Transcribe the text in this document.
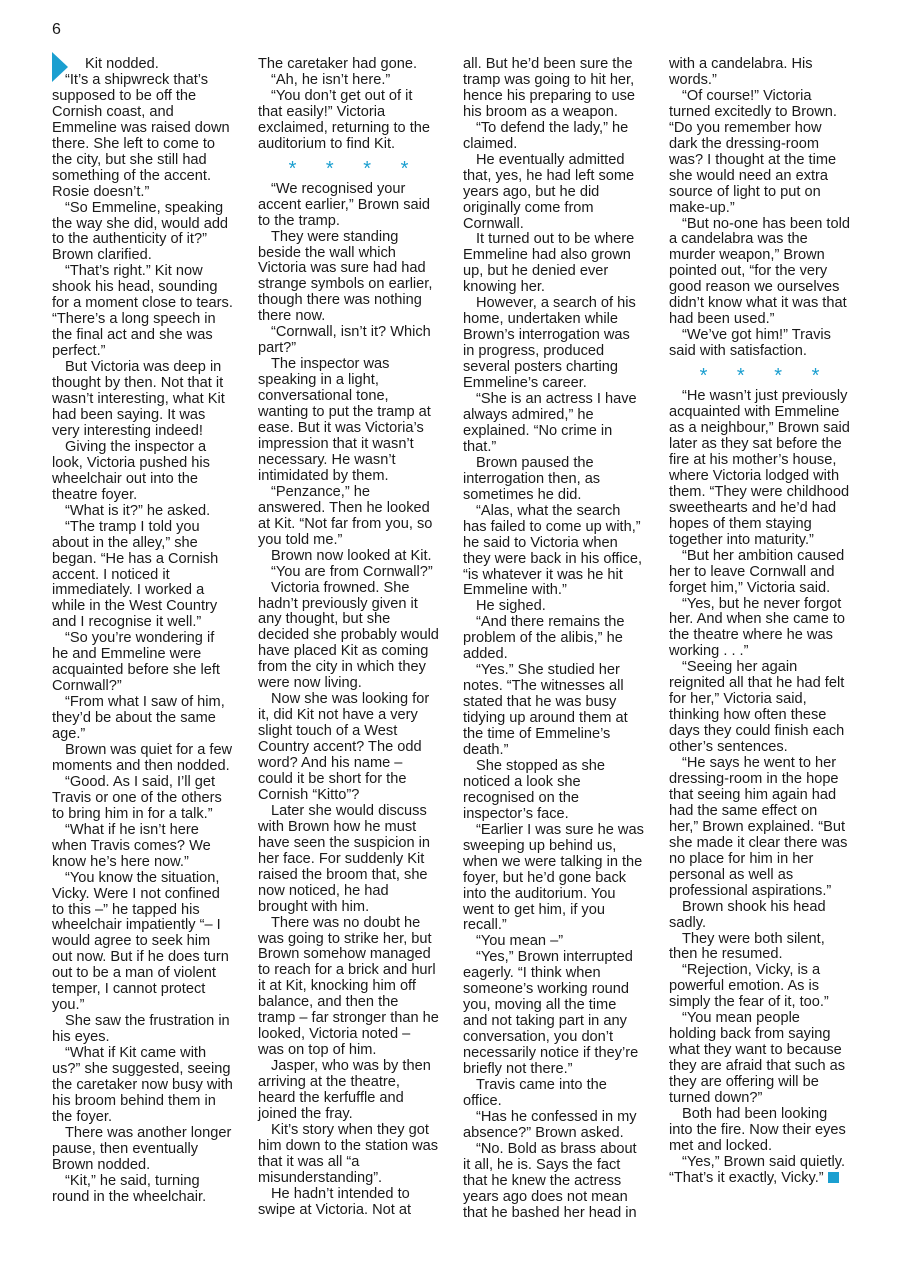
6

Kit nodded.

“It’s a shipwreck that’s supposed to be off the Cornish coast, and Emmeline was raised down there. She left to come to the city, but she still had something of the accent. Rosie doesn’t.”

“So Emmeline, speaking the way she did, would add to the authenticity of it?” Brown clarified.

“That’s right.” Kit now shook his head, sounding for a moment close to tears. “There’s a long speech in the final act and she was perfect.”

But Victoria was deep in thought by then. Not that it wasn’t interesting, what Kit had been saying. It was very interesting indeed!

Giving the inspector a look, Victoria pushed his wheelchair out into the theatre foyer.

“What is it?” he asked.

“The tramp I told you about in the alley,” she began. “He has a Cornish accent. I noticed it immediately. I worked a while in the West Country and I recognise it well.”

“So you’re wondering if he and Emmeline were acquainted before she left Cornwall?”

“From what I saw of him, they’d be about the same age.”

Brown was quiet for a few moments and then nodded.

“Good. As I said, I’ll get Travis or one of the others to bring him in for a talk.”

“What if he isn’t here when Travis comes? We know he’s here now.”

“You know the situation, Vicky. Were I not confined to this –” he tapped his wheelchair impatiently “– I would agree to seek him out now. But if he does turn out to be a man of violent temper, I cannot protect you.”

She saw the frustration in his eyes.

“What if Kit came with us?” she suggested, seeing the caretaker now busy with his broom behind them in the foyer.

There was another longer pause, then eventually Brown nodded.

“Kit,” he said, turning round in the wheelchair.

The caretaker had gone.

“Ah, he isn’t here.”

“You don’t get out of it that easily!” Victoria exclaimed, returning to the auditorium to find Kit.

* * * *

“We recognised your accent earlier,” Brown said to the tramp.

They were standing beside the wall which Victoria was sure had had strange symbols on earlier, though there was nothing there now.

“Cornwall, isn’t it? Which part?”

The inspector was speaking in a light, conversational tone, wanting to put the tramp at ease. But it was Victoria’s impression that it wasn’t necessary. He wasn’t intimidated by them.

“Penzance,” he answered. Then he looked at Kit. “Not far from you, so you told me.”

Brown now looked at Kit.

“You are from Cornwall?”

Victoria frowned. She hadn’t previously given it any thought, but she decided she probably would have placed Kit as coming from the city in which they were now living.

Now she was looking for it, did Kit not have a very slight touch of a West Country accent? The odd word? And his name – could it be short for the Cornish “Kitto”?

Later she would discuss with Brown how he must have seen the suspicion in her face. For suddenly Kit raised the broom that, she now noticed, he had brought with him.

There was no doubt he was going to strike her, but Brown somehow managed to reach for a brick and hurl it at Kit, knocking him off balance, and then the tramp – far stronger than he looked, Victoria noted – was on top of him.

Jasper, who was by then arriving at the theatre, heard the kerfuffle and joined the fray.

Kit’s story when they got him down to the station was that it was all “a misunderstanding”.

He hadn’t intended to swipe at Victoria. Not at

all. But he’d been sure the tramp was going to hit her, hence his preparing to use his broom as a weapon.

“To defend the lady,” he claimed.

He eventually admitted that, yes, he had left some years ago, but he did originally come from Cornwall.

It turned out to be where Emmeline had also grown up, but he denied ever knowing her.

However, a search of his home, undertaken while Brown’s interrogation was in progress, produced several posters charting Emmeline’s career.

“She is an actress I have always admired,” he explained. “No crime in that.”

Brown paused the interrogation then, as sometimes he did.

“Alas, what the search has failed to come up with,” he said to Victoria when they were back in his office, “is whatever it was he hit Emmeline with.”

He sighed.

“And there remains the problem of the alibis,” he added.

“Yes.” She studied her notes. “The witnesses all stated that he was busy tidying up around them at the time of Emmeline’s death.”

She stopped as she noticed a look she recognised on the inspector’s face.

“Earlier I was sure he was sweeping up behind us, when we were talking in the foyer, but he’d gone back into the auditorium. You went to get him, if you recall.”

“You mean –”

“Yes,” Brown interrupted eagerly. “I think when someone’s working round you, moving all the time and not taking part in any conversation, you don’t necessarily notice if they’re briefly not there.”

Travis came into the office.

“Has he confessed in my absence?” Brown asked.

“No. Bold as brass about it all, he is. Says the fact that he knew the actress years ago does not mean that he bashed her head in

with a candelabra. His words.”

“Of course!” Victoria turned excitedly to Brown. “Do you remember how dark the dressing-room was? I thought at the time she would need an extra source of light to put on make-up.”

“But no-one has been told a candelabra was the murder weapon,” Brown pointed out, “for the very good reason we ourselves didn’t know what it was that had been used.”

“We’ve got him!” Travis said with satisfaction.

* * * *

“He wasn’t just previously acquainted with Emmeline as a neighbour,” Brown said later as they sat before the fire at his mother’s house, where Victoria lodged with them. “They were childhood sweethearts and he’d had hopes of them staying together into maturity.”

“But her ambition caused her to leave Cornwall and forget him,” Victoria said.

“Yes, but he never forgot her. And when she came to the theatre where he was working . . .”

“Seeing her again reignited all that he had felt for her,” Victoria said, thinking how often these days they could finish each other’s sentences.

“He says he went to her dressing-room in the hope that seeing him again had had the same effect on her,” Brown explained. “But she made it clear there was no place for him in her personal as well as professional aspirations.”

Brown shook his head sadly.

They were both silent, then he resumed.

“Rejection, Vicky, is a powerful emotion. As is simply the fear of it, too.”

“You mean people holding back from saying what they want to because they are afraid that such as they are offering will be turned down?”

Both had been looking into the fire. Now their eyes met and locked.

“Yes,” Brown said quietly. “That’s it exactly, Vicky.”
